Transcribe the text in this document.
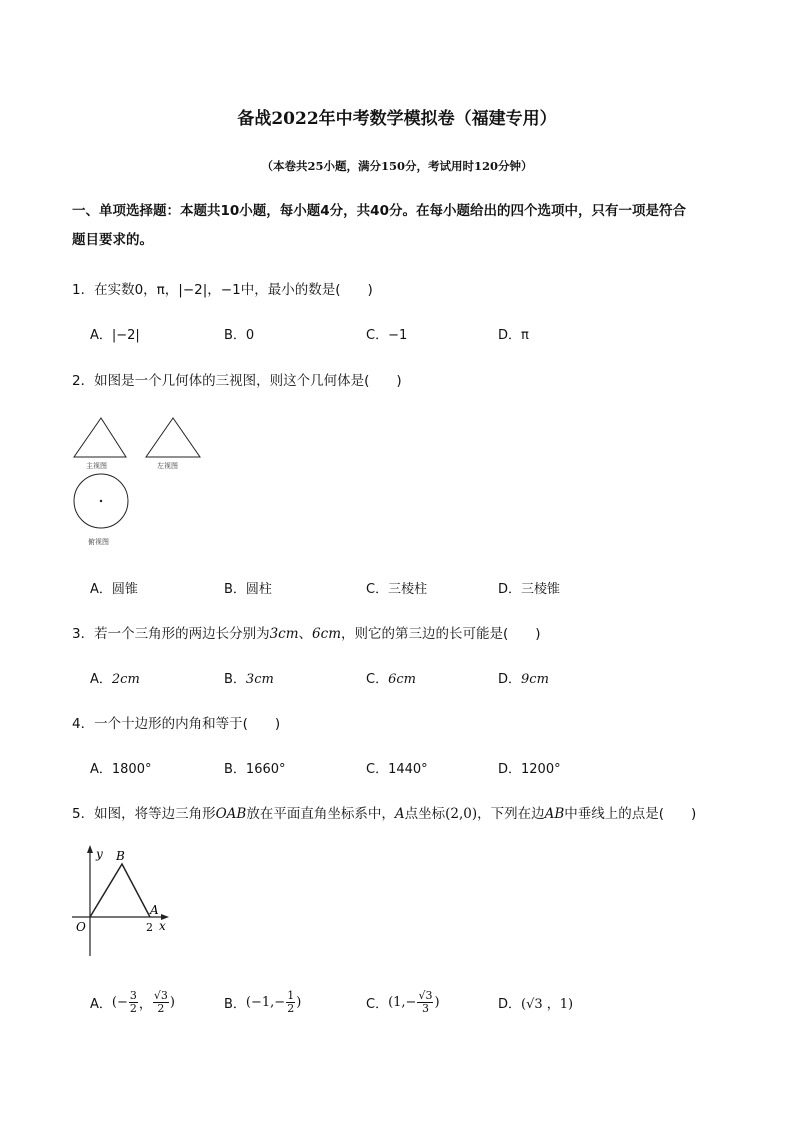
备战2022年中考数学模拟卷（福建专用）
（本卷共25小题，满分150分，考试用时120分钟）
一、单项选择题：本题共10小题，每小题4分，共40分。在每小题给出的四个选项中，只有一项是符合
题目要求的。
1．在实数0，π，|−2|，−1中，最小的数是(　　)
A．|−2|	B．0	C．−1	D．π
2．如图是一个几何体的三视图，则这个几何体是(　　)
主视图	左视图
俯视图
A．圆锥	B．圆柱	C．三棱柱	D．三棱锥
3．若一个三角形的两边长分别为3cm、6cm，则它的第三边的长可能是(　　)
A．2cm	B．3cm	C．6cm	D．9cm
4．一个十边形的内角和等于(　　)
A．1800°	B．1660°	C．1440°	D．1200°
5．如图，将等边三角形OAB放在平面直角坐标系中，A点坐标(2,0)，下列在边AB中垂线上的点是(　　)
y B
A
O	2 x
A． (− $\frac{3}{2}$ ， $\frac{√3}{2}$ )	B． ($-1,- \frac{1}{2}$ )	C． ($1,- \frac{√3}{3}$ )	D． (√3 ，1)
